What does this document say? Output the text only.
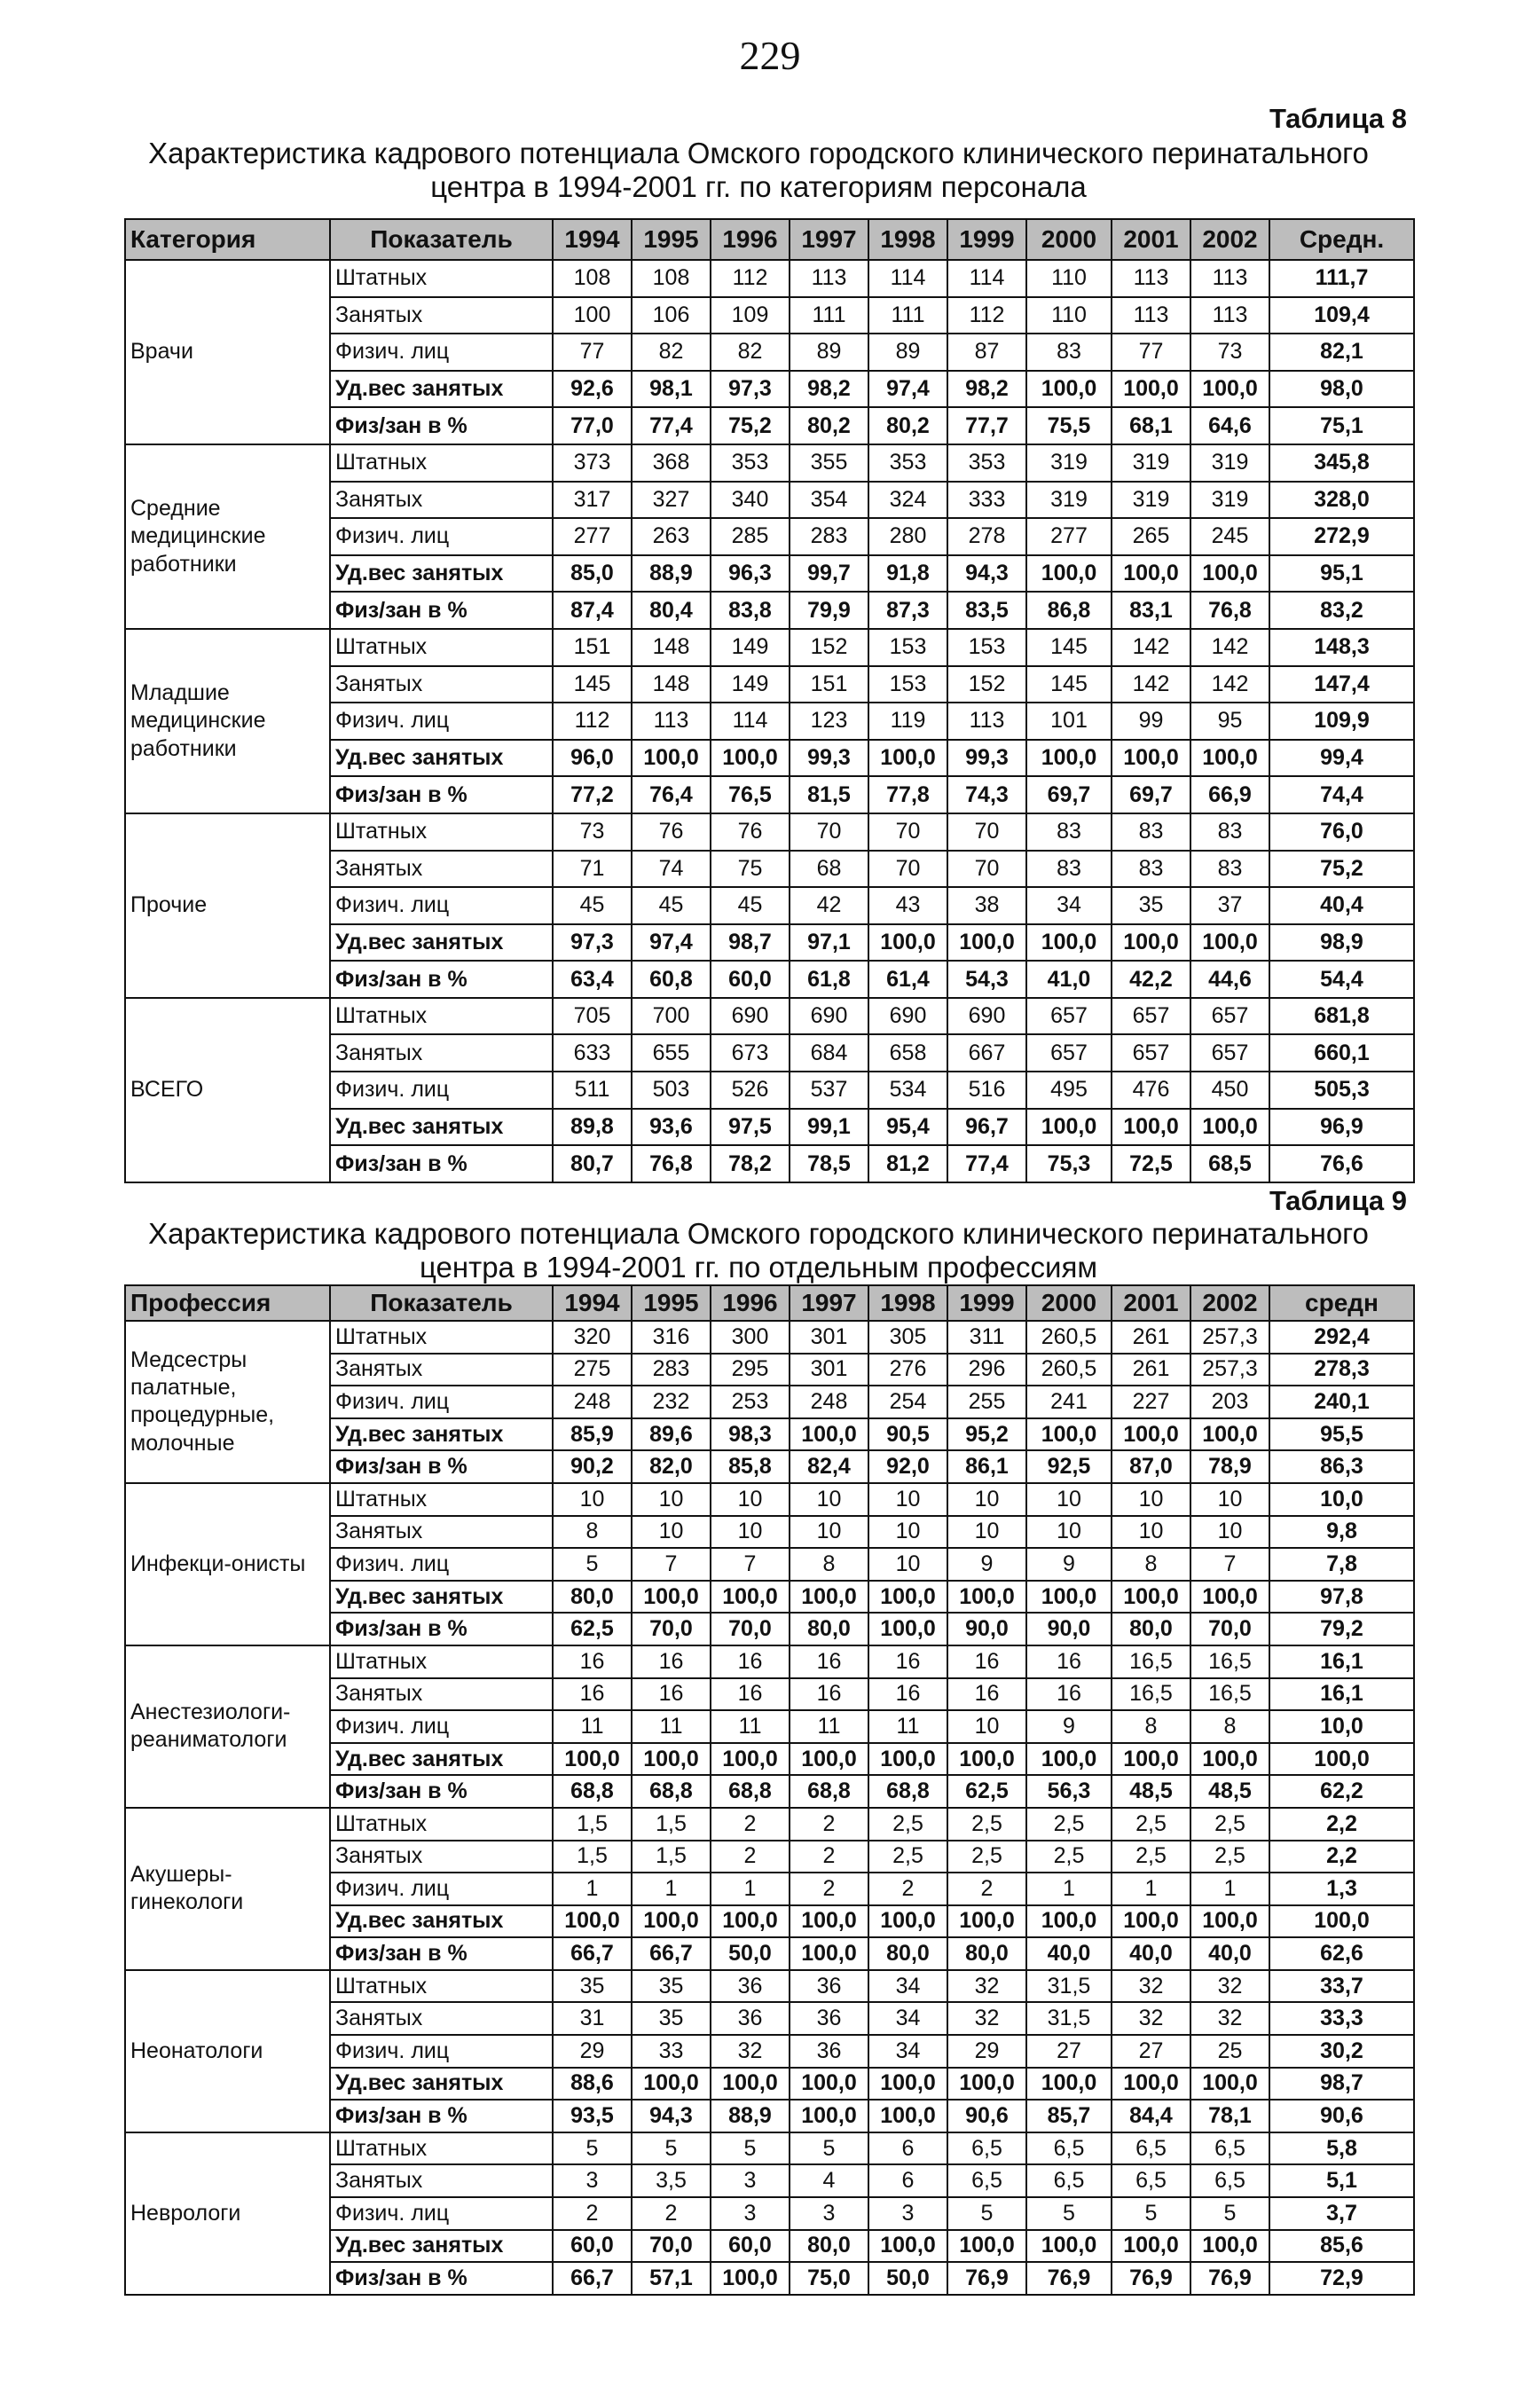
229
Таблица 8
Характеристика кадрового потенциала Омского городского клинического перинатального
центра в 1994-2001 гг. по категориям персонала
Категория	Показатель	1994	1995	1996	1997	1998	1999	2000	2001	2002	Средн.
Врачи	Штатных	108	108	112	113	114	114	110	113	113	111,7
	Занятых	100	106	109	111	111	112	110	113	113	109,4
	Физич. лиц	77	82	82	89	89	87	83	77	73	82,1
	Уд.вес занятых	92,6	98,1	97,3	98,2	97,4	98,2	100,0	100,0	100,0	98,0
	Физ/зан в %	77,0	77,4	75,2	80,2	80,2	77,7	75,5	68,1	64,6	75,1
Средние медицинские работники	Штатных	373	368	353	355	353	353	319	319	319	345,8
	Занятых	317	327	340	354	324	333	319	319	319	328,0
	Физич. лиц	277	263	285	283	280	278	277	265	245	272,9
	Уд.вес занятых	85,0	88,9	96,3	99,7	91,8	94,3	100,0	100,0	100,0	95,1
	Физ/зан в %	87,4	80,4	83,8	79,9	87,3	83,5	86,8	83,1	76,8	83,2
Младшие медицинские работники	Штатных	151	148	149	152	153	153	145	142	142	148,3
	Занятых	145	148	149	151	153	152	145	142	142	147,4
	Физич. лиц	112	113	114	123	119	113	101	99	95	109,9
	Уд.вес занятых	96,0	100,0	100,0	99,3	100,0	99,3	100,0	100,0	100,0	99,4
	Физ/зан в %	77,2	76,4	76,5	81,5	77,8	74,3	69,7	69,7	66,9	74,4
Прочие	Штатных	73	76	76	70	70	70	83	83	83	76,0
	Занятых	71	74	75	68	70	70	83	83	83	75,2
	Физич. лиц	45	45	45	42	43	38	34	35	37	40,4
	Уд.вес занятых	97,3	97,4	98,7	97,1	100,0	100,0	100,0	100,0	100,0	98,9
	Физ/зан в %	63,4	60,8	60,0	61,8	61,4	54,3	41,0	42,2	44,6	54,4
ВСЕГО	Штатных	705	700	690	690	690	690	657	657	657	681,8
	Занятых	633	655	673	684	658	667	657	657	657	660,1
	Физич. лиц	511	503	526	537	534	516	495	476	450	505,3
	Уд.вес занятых	89,8	93,6	97,5	99,1	95,4	96,7	100,0	100,0	100,0	96,9
	Физ/зан в %	80,7	76,8	78,2	78,5	81,2	77,4	75,3	72,5	68,5	76,6
Таблица 9
Характеристика кадрового потенциала Омского городского клинического перинатального
центра в 1994-2001 гг. по отдельным профессиям
Профессия	Показатель	1994	1995	1996	1997	1998	1999	2000	2001	2002	средн
Медсестры палатные, процедурные, молочные	Штатных	320	316	300	301	305	311	260,5	261	257,3	292,4
	Занятых	275	283	295	301	276	296	260,5	261	257,3	278,3
	Физич. лиц	248	232	253	248	254	255	241	227	203	240,1
	Уд.вес занятых	85,9	89,6	98,3	100,0	90,5	95,2	100,0	100,0	100,0	95,5
	Физ/зан в %	90,2	82,0	85,8	82,4	92,0	86,1	92,5	87,0	78,9	86,3
Инфекци-онисты	Штатных	10	10	10	10	10	10	10	10	10	10,0
	Занятых	8	10	10	10	10	10	10	10	10	9,8
	Физич. лиц	5	7	7	8	10	9	9	8	7	7,8
	Уд.вес занятых	80,0	100,0	100,0	100,0	100,0	100,0	100,0	100,0	100,0	97,8
	Физ/зан в %	62,5	70,0	70,0	80,0	100,0	90,0	90,0	80,0	70,0	79,2
Анестезиологи-реаниматологи	Штатных	16	16	16	16	16	16	16	16,5	16,5	16,1
	Занятых	16	16	16	16	16	16	16	16,5	16,5	16,1
	Физич. лиц	11	11	11	11	11	10	9	8	8	10,0
	Уд.вес занятых	100,0	100,0	100,0	100,0	100,0	100,0	100,0	100,0	100,0	100,0
	Физ/зан в %	68,8	68,8	68,8	68,8	68,8	62,5	56,3	48,5	48,5	62,2
Акушеры-гинекологи	Штатных	1,5	1,5	2	2	2,5	2,5	2,5	2,5	2,5	2,2
	Занятых	1,5	1,5	2	2	2,5	2,5	2,5	2,5	2,5	2,2
	Физич. лиц	1	1	1	2	2	2	1	1	1	1,3
	Уд.вес занятых	100,0	100,0	100,0	100,0	100,0	100,0	100,0	100,0	100,0	100,0
	Физ/зан в %	66,7	66,7	50,0	100,0	80,0	80,0	40,0	40,0	40,0	62,6
Неонатологи	Штатных	35	35	36	36	34	32	31,5	32	32	33,7
	Занятых	31	35	36	36	34	32	31,5	32	32	33,3
	Физич. лиц	29	33	32	36	34	29	27	27	25	30,2
	Уд.вес занятых	88,6	100,0	100,0	100,0	100,0	100,0	100,0	100,0	100,0	98,7
	Физ/зан в %	93,5	94,3	88,9	100,0	100,0	90,6	85,7	84,4	78,1	90,6
Неврологи	Штатных	5	5	5	5	6	6,5	6,5	6,5	6,5	5,8
	Занятых	3	3,5	3	4	6	6,5	6,5	6,5	6,5	5,1
	Физич. лиц	2	2	3	3	3	5	5	5	5	3,7
	Уд.вес занятых	60,0	70,0	60,0	80,0	100,0	100,0	100,0	100,0	100,0	85,6
	Физ/зан в %	66,7	57,1	100,0	75,0	50,0	76,9	76,9	76,9	76,9	72,9
